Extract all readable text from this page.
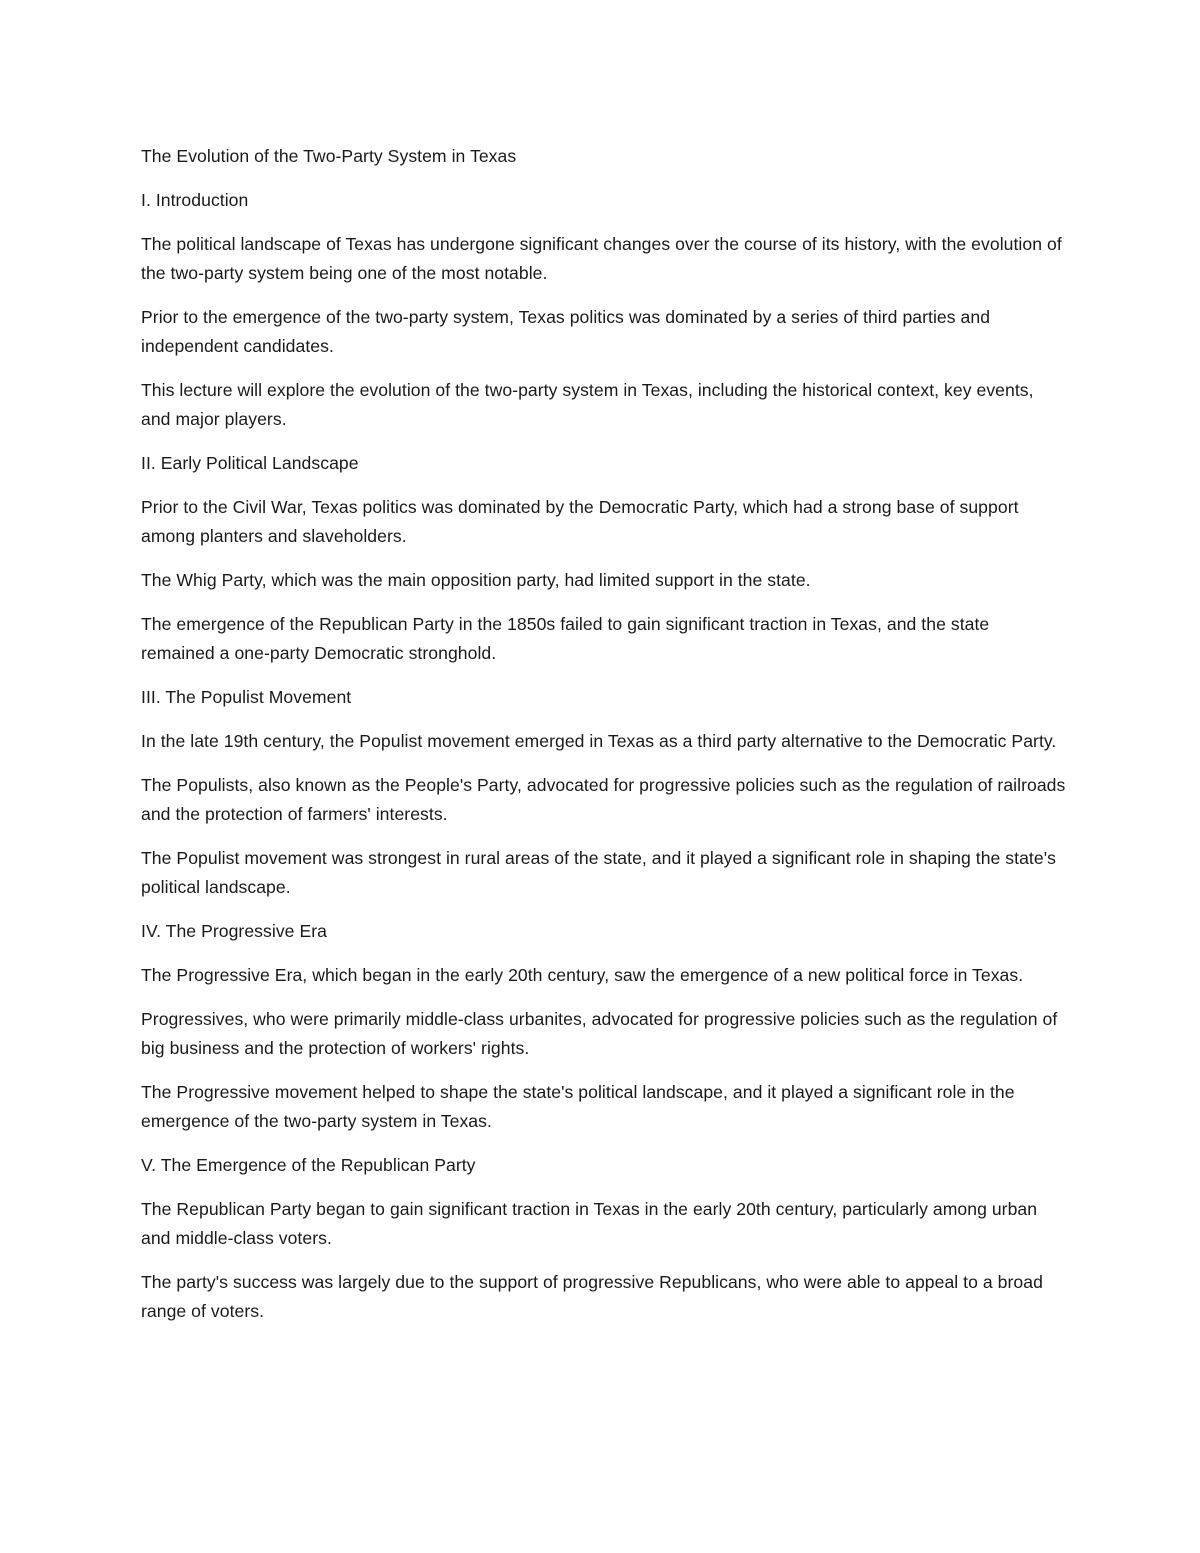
The Evolution of the Two-Party System in Texas
I. Introduction
The political landscape of Texas has undergone significant changes over the course of its history, with the evolution of the two-party system being one of the most notable.
Prior to the emergence of the two-party system, Texas politics was dominated by a series of third parties and independent candidates.
This lecture will explore the evolution of the two-party system in Texas, including the historical context, key events, and major players.
II. Early Political Landscape
Prior to the Civil War, Texas politics was dominated by the Democratic Party, which had a strong base of support among planters and slaveholders.
The Whig Party, which was the main opposition party, had limited support in the state.
The emergence of the Republican Party in the 1850s failed to gain significant traction in Texas, and the state remained a one-party Democratic stronghold.
III. The Populist Movement
In the late 19th century, the Populist movement emerged in Texas as a third party alternative to the Democratic Party.
The Populists, also known as the People's Party, advocated for progressive policies such as the regulation of railroads and the protection of farmers' interests.
The Populist movement was strongest in rural areas of the state, and it played a significant role in shaping the state's political landscape.
IV. The Progressive Era
The Progressive Era, which began in the early 20th century, saw the emergence of a new political force in Texas.
Progressives, who were primarily middle-class urbanites, advocated for progressive policies such as the regulation of big business and the protection of workers' rights.
The Progressive movement helped to shape the state's political landscape, and it played a significant role in the emergence of the two-party system in Texas.
V. The Emergence of the Republican Party
The Republican Party began to gain significant traction in Texas in the early 20th century, particularly among urban and middle-class voters.
The party's success was largely due to the support of progressive Republicans, who were able to appeal to a broad range of voters.
